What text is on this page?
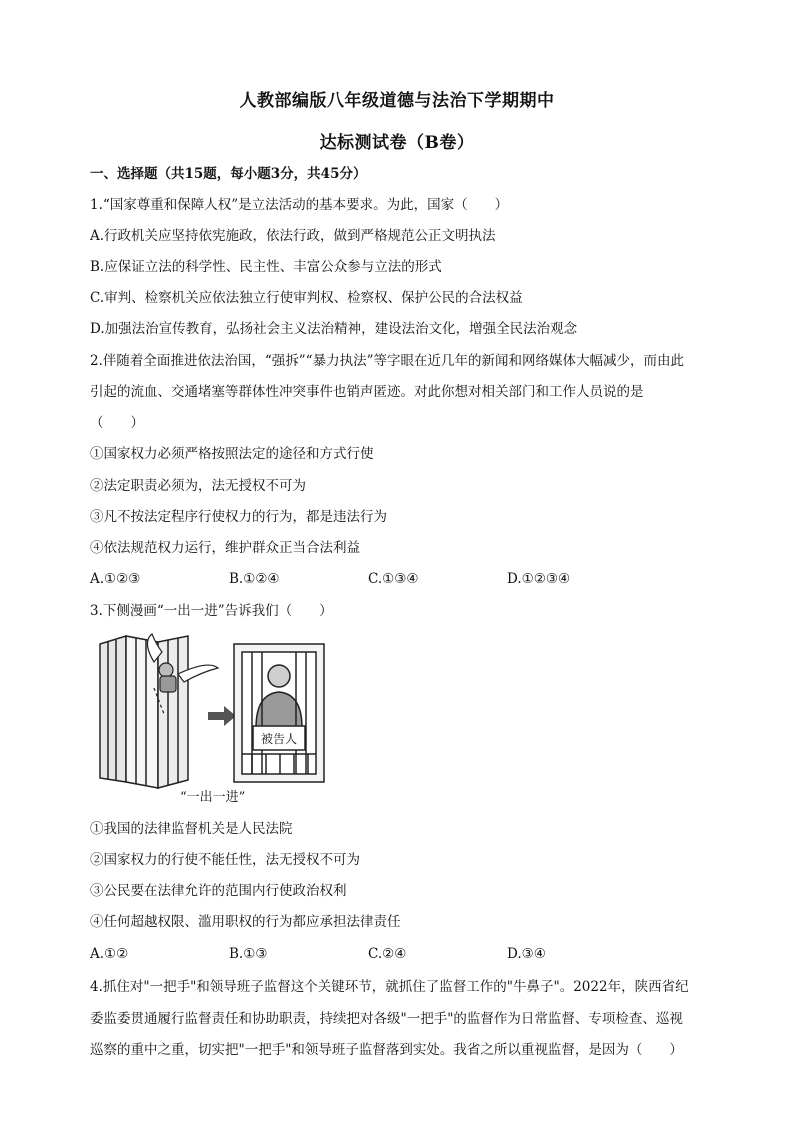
人教部编版八年级道德与法治下学期期中
达标测试卷（B卷）
一、选择题（共15题，每小题3分，共45分）
1.“国家尊重和保障人权”是立法活动的基本要求。为此，国家（　　）
A.行政机关应坚持依宪施政，依法行政，做到严格规范公正文明执法
B.应保证立法的科学性、民主性、丰富公众参与立法的形式
C.审判、检察机关应依法独立行使审判权、检察权、保护公民的合法权益
D.加强法治宣传教育，弘扬社会主义法治精神，建设法治文化，增强全民法治观念
2.伴随着全面推进依法治国，“强拆”“暴力执法”等字眼在近几年的新闻和网络媒体大幅减少，而由此
引起的流血、交通堵塞等群体性冲突事件也销声匿迹。对此你想对相关部门和工作人员说的是
（　　）
①国家权力必须严格按照法定的途径和方式行使
②法定职责必须为，法无授权不可为
③凡不按法定程序行使权力的行为，都是违法行为
④依法规范权力运行，维护群众正当合法利益
A.①②③	B.①②④	C.①③④	D.①②③④
3.下侧漫画“一出一进”告诉我们（　　）
被告人
“一出一进”
①我国的法律监督机关是人民法院
②国家权力的行使不能任性，法无授权不可为
③公民要在法律允许的范围内行使政治权利
④任何超越权限、滥用职权的行为都应承担法律责任
A.①②	B.①③	C.②④	D.③④
4.抓住对"一把手"和领导班子监督这个关键环节，就抓住了监督工作的"牛鼻子"。2022年，陕西省纪
委监委贯通履行监督责任和协助职责，持续把对各级"一把手"的监督作为日常监督、专项检查、巡视
巡察的重中之重，切实把"一把手"和领导班子监督落到实处。我省之所以重视监督，是因为（　　）
